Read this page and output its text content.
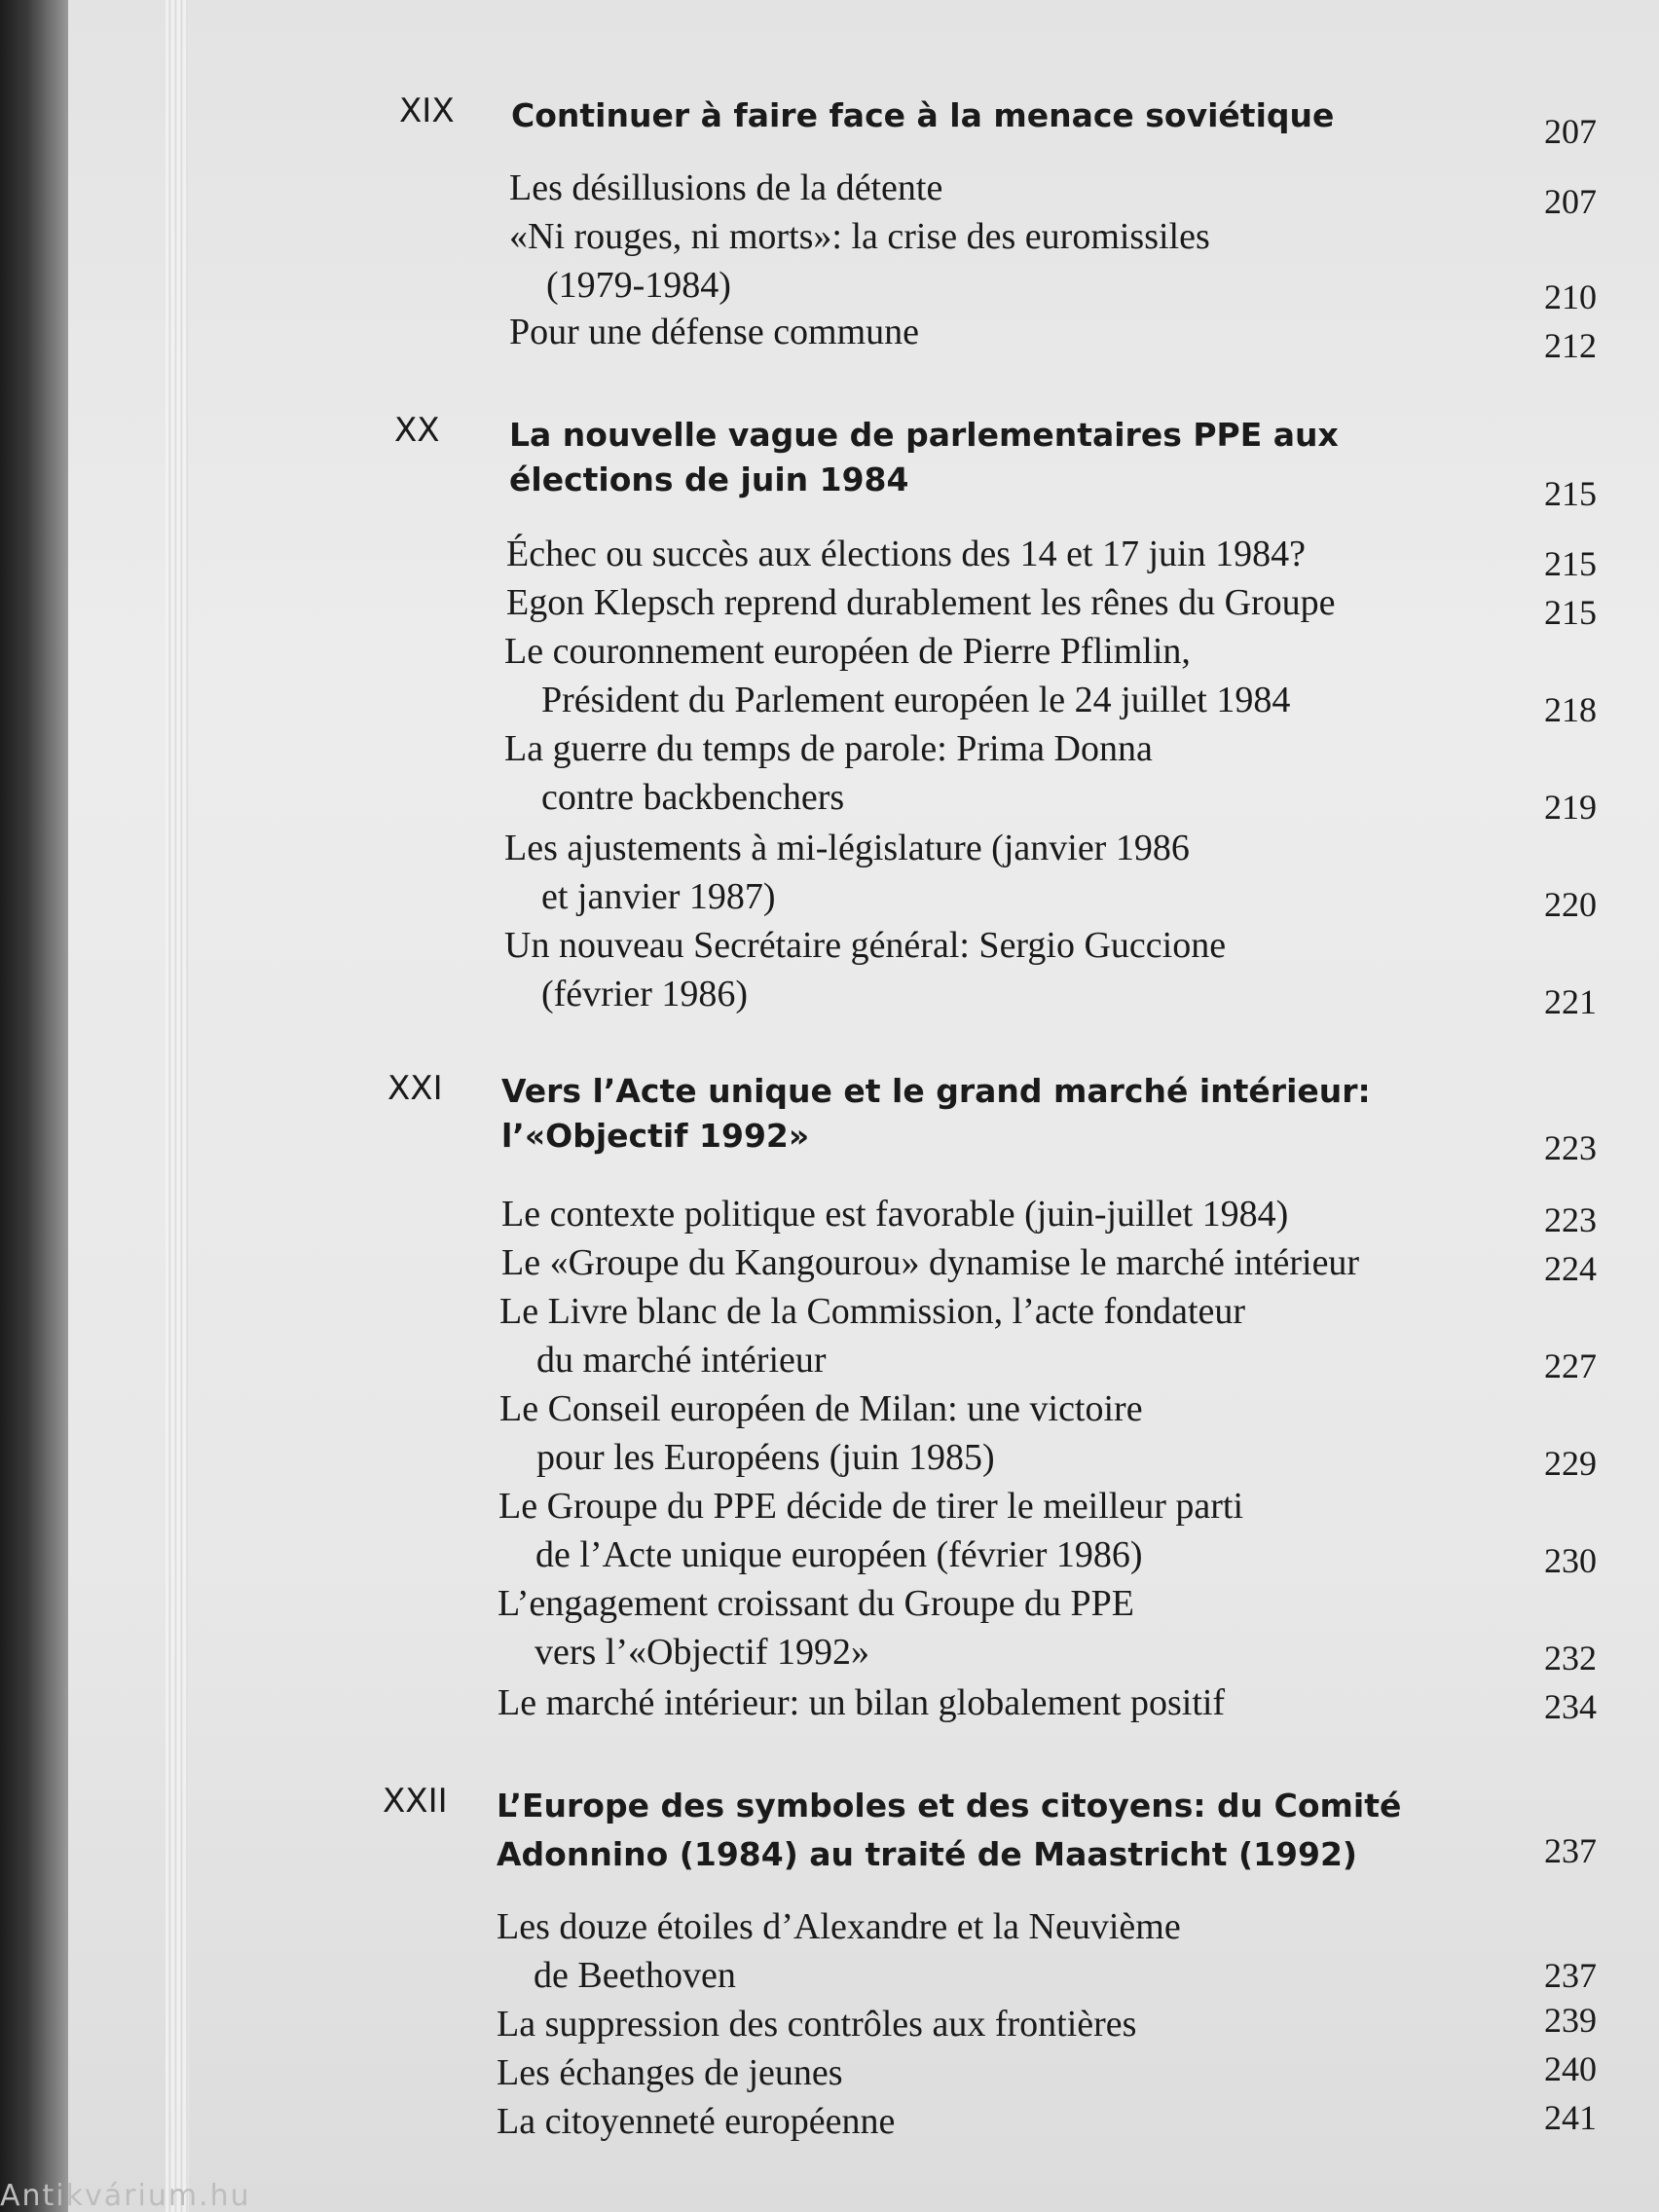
XIX	Continuer à faire face à la menace soviétique	207
Les désillusions de la détente	207
«Ni rouges, ni morts»: la crise des euromissiles
(1979-1984)	210
Pour une défense commune	212
XX	La nouvelle vague de parlementaires PPE aux élections de juin 1984	215
Échec ou succès aux élections des 14 et 17 juin 1984?	215
Egon Klepsch reprend durablement les rênes du Groupe	215
Le couronnement européen de Pierre Pflimlin,
Président du Parlement européen le 24 juillet 1984	218
La guerre du temps de parole: Prima Donna
contre backbenchers	219
Les ajustements à mi-législature (janvier 1986
et janvier 1987)	220
Un nouveau Secrétaire général: Sergio Guccione
(février 1986)	221
XXI	Vers l’Acte unique et le grand marché intérieur: l’«Objectif 1992»	223
Le contexte politique est favorable (juin-juillet 1984)	223
Le «Groupe du Kangourou» dynamise le marché intérieur	224
Le Livre blanc de la Commission, l’acte fondateur
du marché intérieur	227
Le Conseil européen de Milan: une victoire
pour les Européens (juin 1985)	229
Le Groupe du PPE décide de tirer le meilleur parti
de l’Acte unique européen (février 1986)	230
L’engagement croissant du Groupe du PPE
vers l’«Objectif 1992»	232
Le marché intérieur: un bilan globalement positif	234
XXII	L’Europe des symboles et des citoyens: du Comité Adonnino (1984) au traité de Maastricht (1992)	237
Les douze étoiles d’Alexandre et la Neuvième
de Beethoven	237
La suppression des contrôles aux frontières	239
Les échanges de jeunes	240
La citoyenneté européenne	241
Antikvárium.hu
